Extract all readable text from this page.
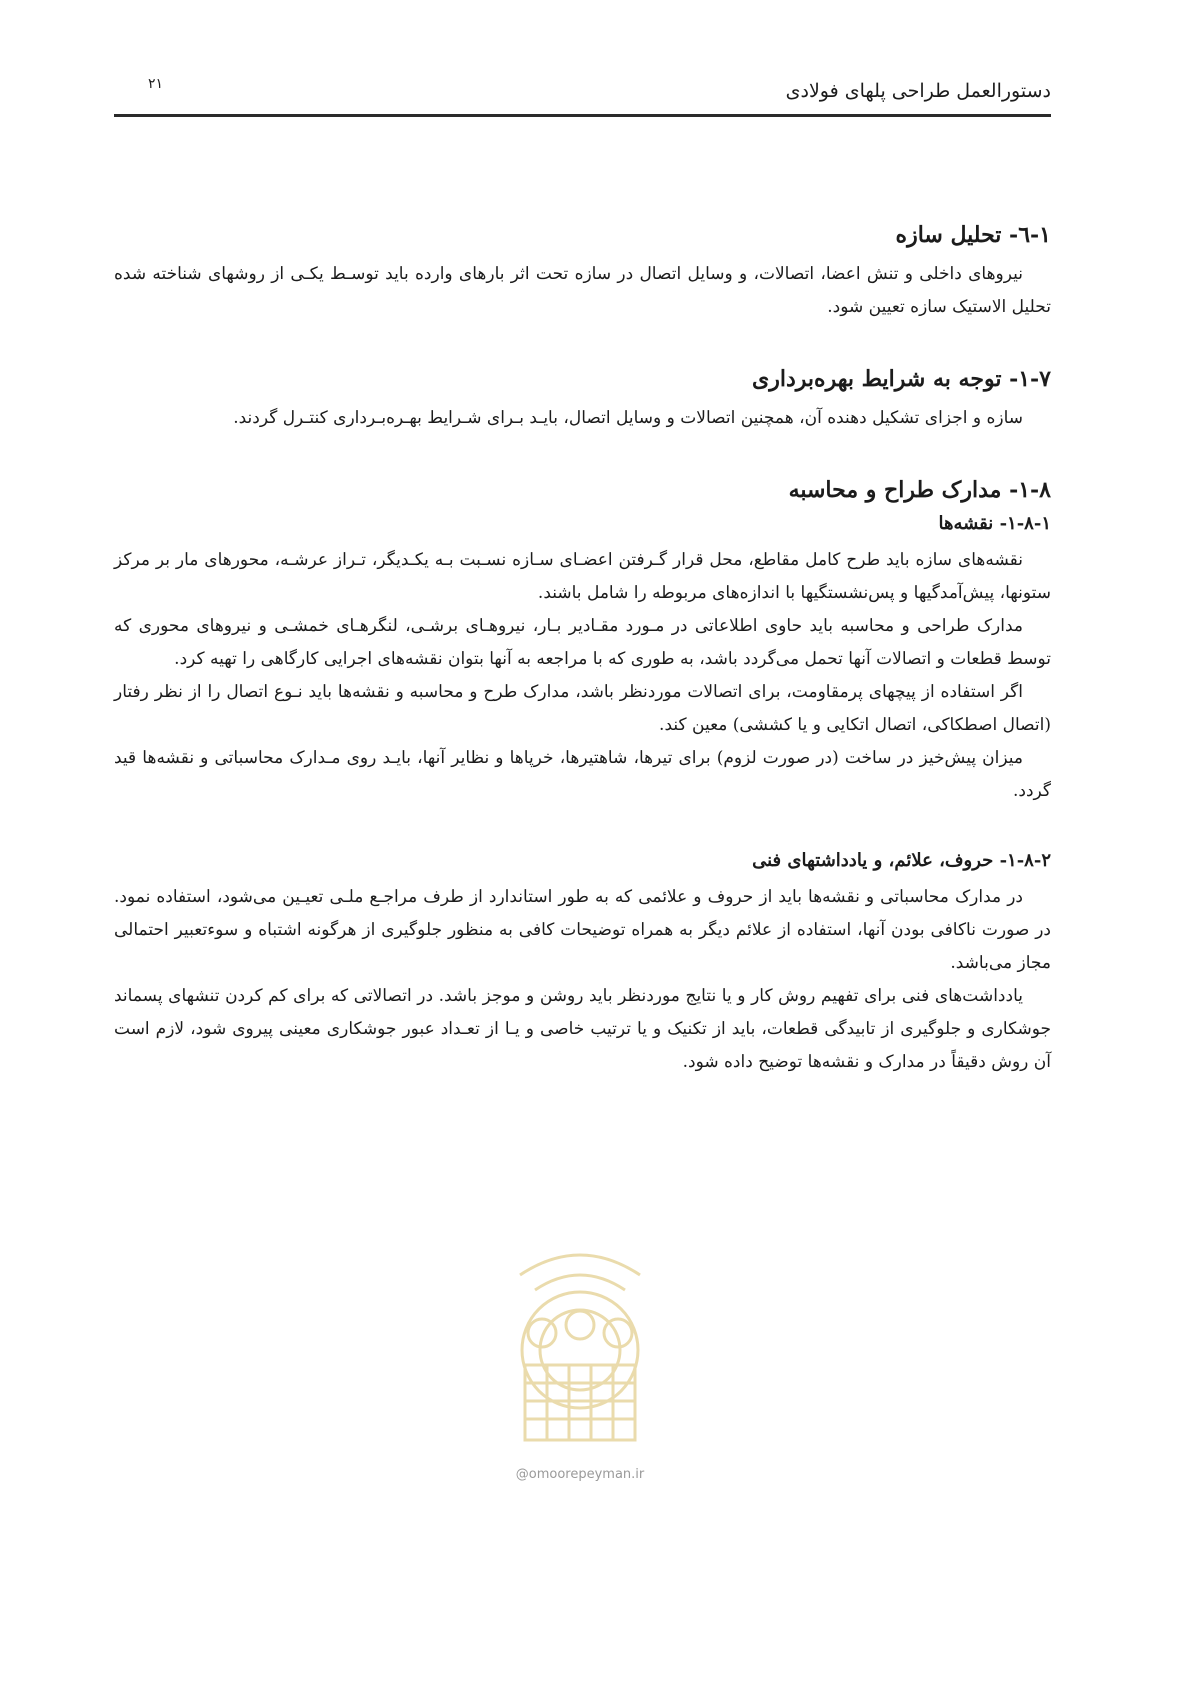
دستورالعمل طراحی پلهای فولادی
۲۱
۱-٦- تحلیل سازه

نیروهای داخلی و تنش اعضا، اتصالات، و وسایل اتصال در سازه تحت اثر بارهای وارده باید توسـط یکـی از روشهای شناخته شده تحلیل الاستیک سازه تعیین شود.

۱-۷- توجه به شرایط بهره‌برداری

سازه و اجزای تشکیل دهنده آن، همچنین اتصالات و وسایل اتصال، بایـد بـرای شـرایط بهـره‌بـرداری کنتـرل گردند.

۱-۸- مدارک طراح و محاسبه
۱-۸-۱- نقشه‌ها

نقشه‌های سازه باید طرح کامل مقاطع، محل قرار گـرفتن اعضـای سـازه نسـبت بـه یکـدیگر، تـراز عرشـه، محورهای مار بر مرکز ستونها، پیش‌آمدگیها و پس‌نشستگیها با اندازه‌های مربوطه را شامل باشند.

مدارک طراحی و محاسبه باید حاوی اطلاعاتی در مـورد مقـادیر بـار، نیروهـای برشـی، لنگرهـای خمشـی و نیروهای محوری که توسط قطعات و اتصالات آنها تحمل می‌گردد باشد، به طوری که با مراجعه به آنها بتوان نقشه‌های اجرایی کارگاهی را تهیه کرد.

اگر استفاده از پیچهای پرمقاومت، برای اتصالات موردنظر باشد، مدارک طرح و محاسبه و نقشه‌ها باید نـوع اتصال را از نظر رفتار (اتصال اصطکاکی، اتصال اتکایی و یا کششی) معین کند.

میزان پیش‌خیز در ساخت (در صورت لزوم) برای تیرها، شاهتیرها، خرپاها و نظایر آنها، بایـد روی مـدارک محاسباتی و نقشه‌ها قید گردد.

۱-۸-۲- حروف، علائم، و یادداشتهای فنی

در مدارک محاسباتی و نقشه‌ها باید از حروف و علائمی که به طور استاندارد از طرف مراجـع ملـی تعیـین می‌شود، استفاده نمود. در صورت ناکافی بودن آنها، استفاده از علائم دیگر به همراه توضیحات کافی به منظور جلوگیری از هرگونه اشتباه و سوءتعبیر احتمالی مجاز می‌باشد.

یادداشت‌های فنی برای تفهیم روش کار و یا نتایج موردنظر باید روشن و موجز باشد. در اتصالاتی که برای کم کردن تنشهای پسماند جوشکاری و جلوگیری از تابیدگی قطعات، باید از تکنیک و یا ترتیب خاصی و یـا از تعـداد عبور جوشکاری معینی پیروی شود، لازم است آن روش دقیقاً در مدارک و نقشه‌ها توضیح داده شود.

@omoorepeyman.ir
